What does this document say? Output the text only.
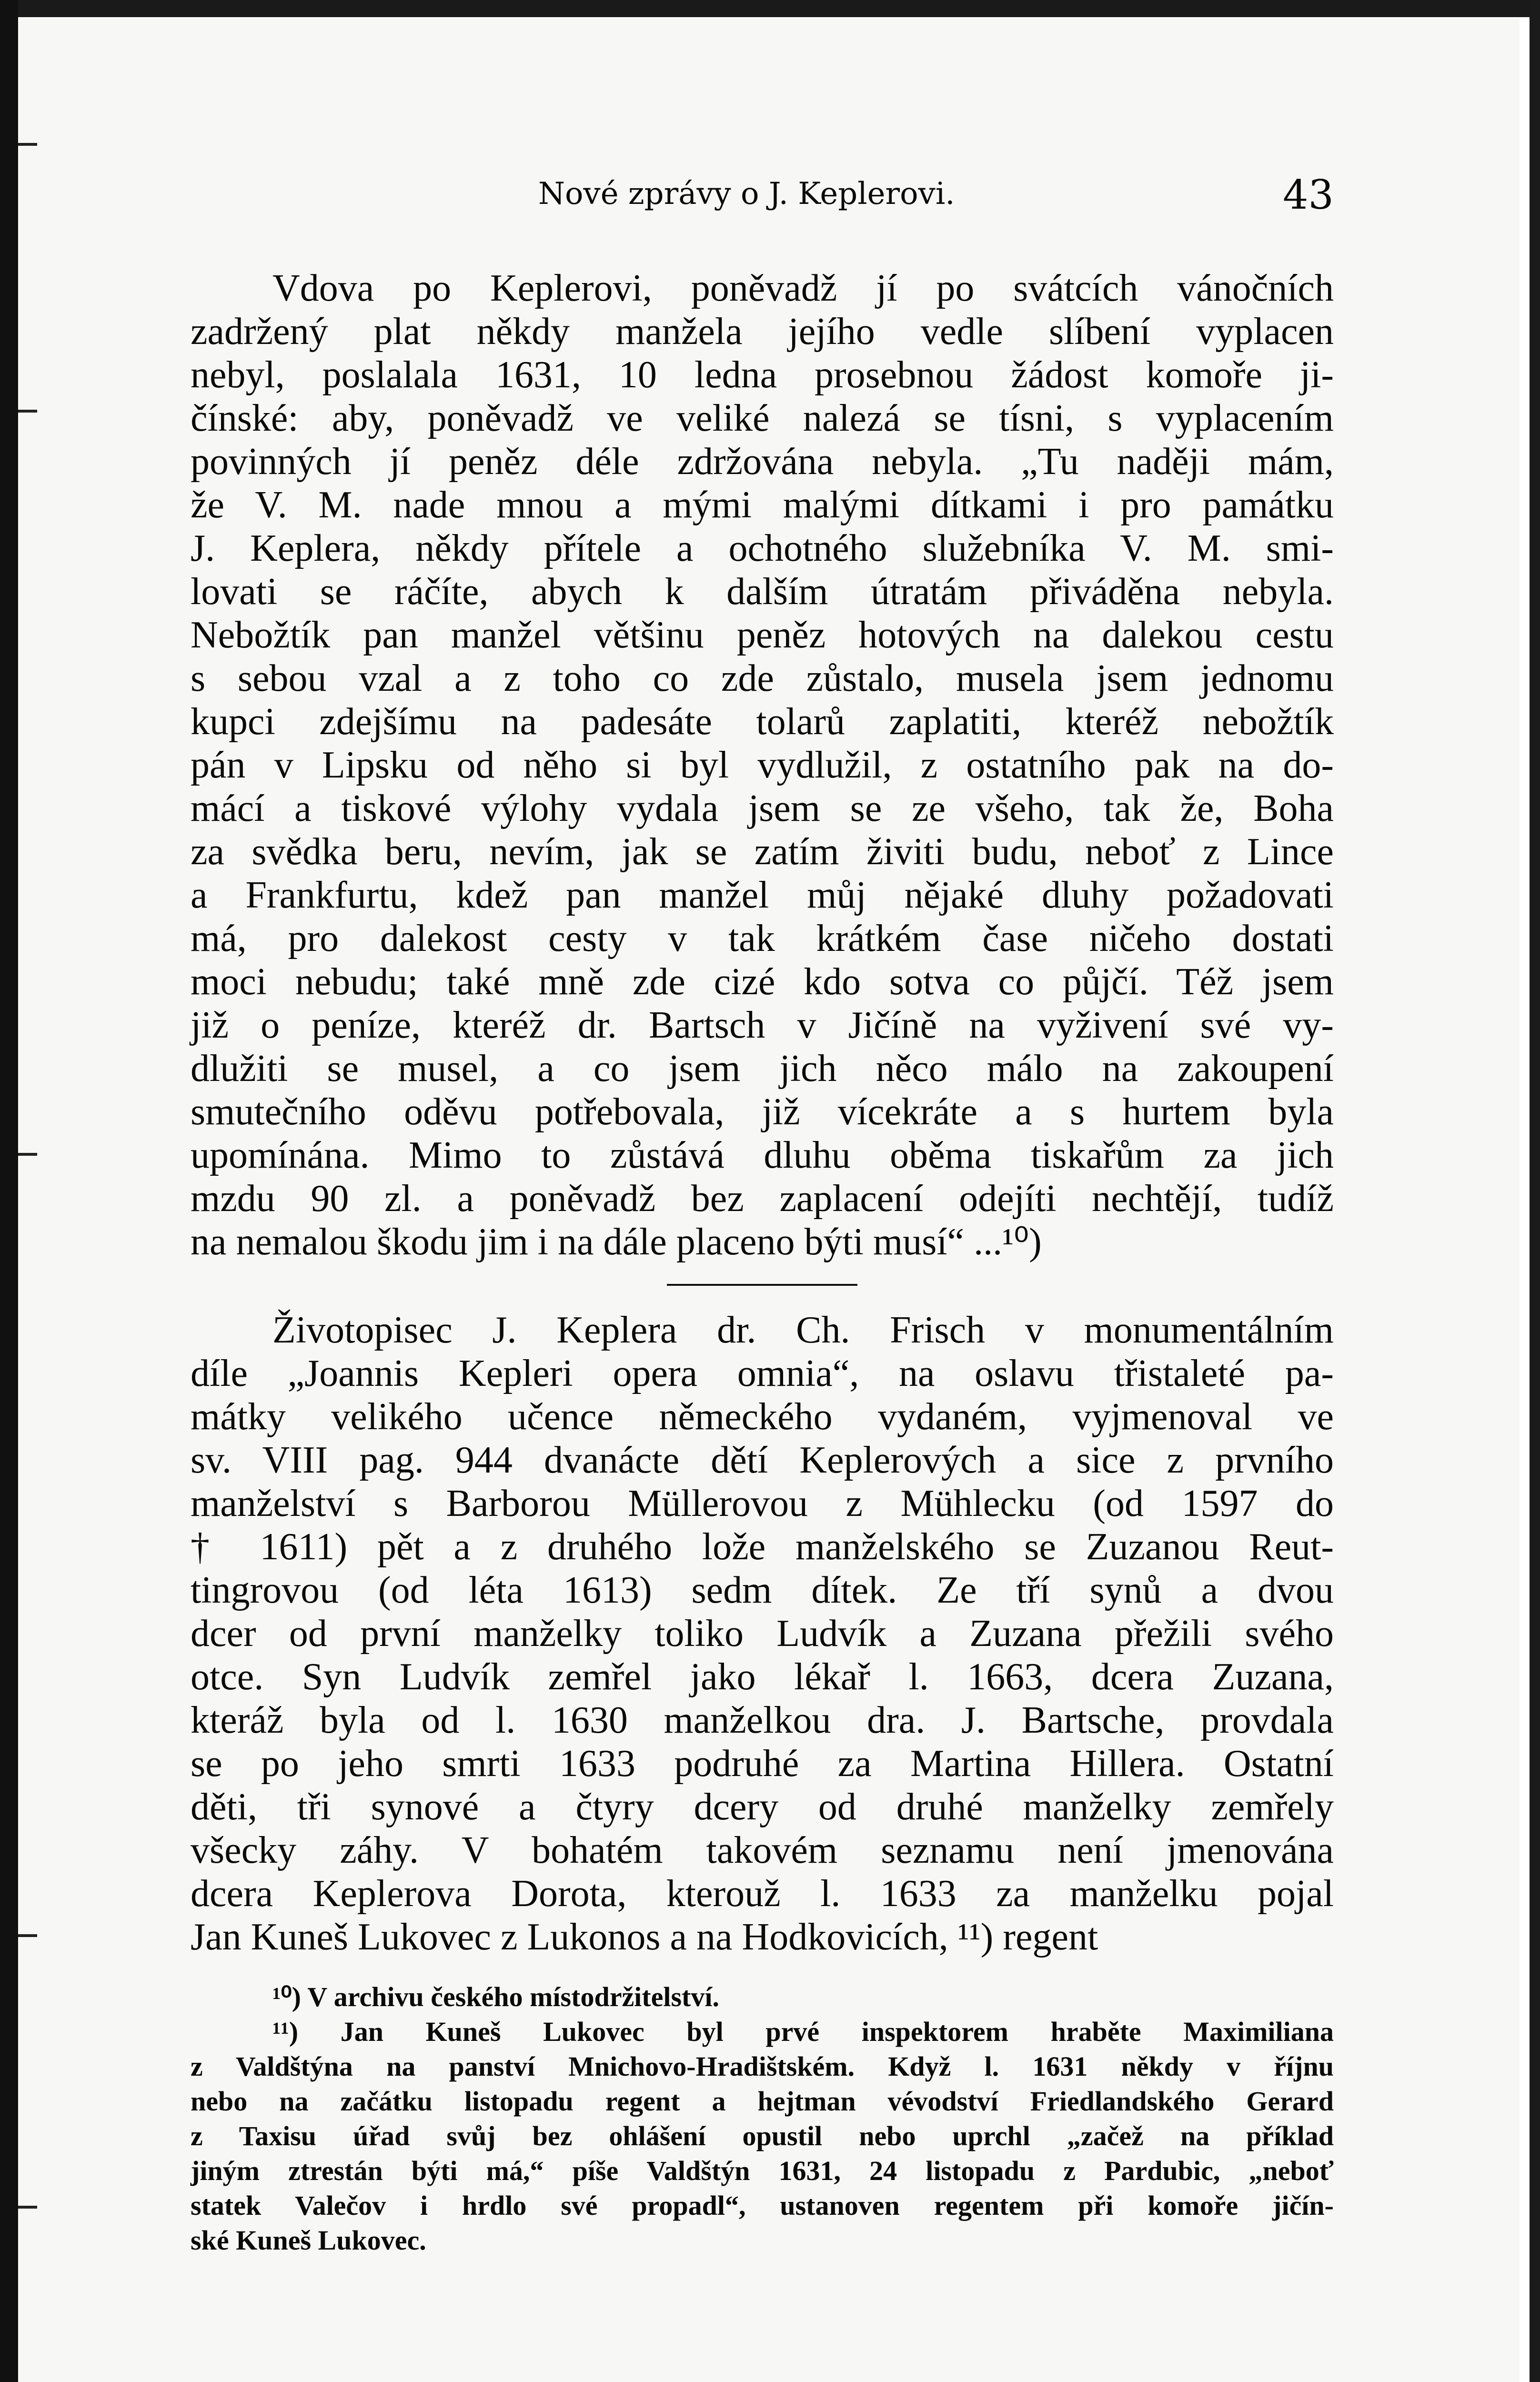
Nové zprávy o J. Keplerovi.	43
Vdova po Keplerovi, poněvadž jí po svátcích vánočních
zadržený plat někdy manžela jejího vedle slíbení vyplacen
nebyl, poslalala 1631, 10 ledna prosebnou žádost komoře ji-
čínské: aby, poněvadž ve veliké nalezá se tísni, s vyplacením
povinných jí peněz déle zdržována nebyla. „Tu naději mám,
že V. M. nade mnou a mými malými dítkami i pro památku
J. Keplera, někdy přítele a ochotného služebníka V. M. smi-
lovati se ráčíte, abych k dalším útratám přiváděna nebyla.
Nebožtík pan manžel většinu peněz hotových na dalekou cestu
s sebou vzal a z toho co zde zůstalo, musela jsem jednomu
kupci zdejšímu na padesáte tolarů zaplatiti, kteréž nebožtík
pán v Lipsku od něho si byl vydlužil, z ostatního pak na do-
mácí a tiskové výlohy vydala jsem se ze všeho, tak že, Boha
za svědka beru, nevím, jak se zatím živiti budu, neboť z Lince
a Frankfurtu, kdež pan manžel můj nějaké dluhy požadovati
má, pro dalekost cesty v tak krátkém čase ničeho dostati
moci nebudu; také mně zde cizé kdo sotva co půjčí. Též jsem
již o peníze, kteréž dr. Bartsch v Jičíně na vyživení své vy-
dlužiti se musel, a co jsem jich něco málo na zakoupení
smutečního oděvu potřebovala, již vícekráte a s hurtem byla
upomínána. Mimo to zůstává dluhu oběma tiskařům za jich
mzdu 90 zl. a poněvadž bez zaplacení odejíti nechtějí, tudíž
na nemalou škodu jim i na dále placeno býti musí“ ...¹⁰)
Životopisec J. Keplera dr. Ch. Frisch v monumentálním
díle „Joannis Kepleri opera omnia“, na oslavu třistaleté pa-
mátky velikého učence německého vydaném, vyjmenoval ve
sv. VIII pag. 944 dvanácte dětí Keplerových a sice z prvního
manželství s Barborou Müllerovou z Mühlecku (od 1597 do
† 1611) pět a z druhého lože manželského se Zuzanou Reut-
tingrovou (od léta 1613) sedm dítek. Ze tří synů a dvou
dcer od první manželky toliko Ludvík a Zuzana přežili svého
otce. Syn Ludvík zemřel jako lékař l. 1663, dcera Zuzana,
kteráž byla od l. 1630 manželkou dra. J. Bartsche, provdala
se po jeho smrti 1633 podruhé za Martina Hillera. Ostatní
děti, tři synové a čtyry dcery od druhé manželky zemřely
všecky záhy. V bohatém takovém seznamu není jmenována
dcera Keplerova Dorota, kterouž l. 1633 za manželku pojal
Jan Kuneš Lukovec z Lukonos a na Hodkovicích, ¹¹) regent
¹⁰) V archivu českého místodržitelství.
¹¹) Jan Kuneš Lukovec byl prvé inspektorem hraběte Maximiliana
z Valdštýna na panství Mnichovo-Hradištském. Když l. 1631 někdy v říjnu
nebo na začátku listopadu regent a hejtman vévodství Friedlandského Gerard
z Taxisu úřad svůj bez ohlášení opustil nebo uprchl „začež na příklad
jiným ztrestán býti má,“ píše Valdštýn 1631, 24 listopadu z Pardubic, „neboť
statek Valečov i hrdlo své propadl“, ustanoven regentem při komoře jičín-
ské Kuneš Lukovec.
